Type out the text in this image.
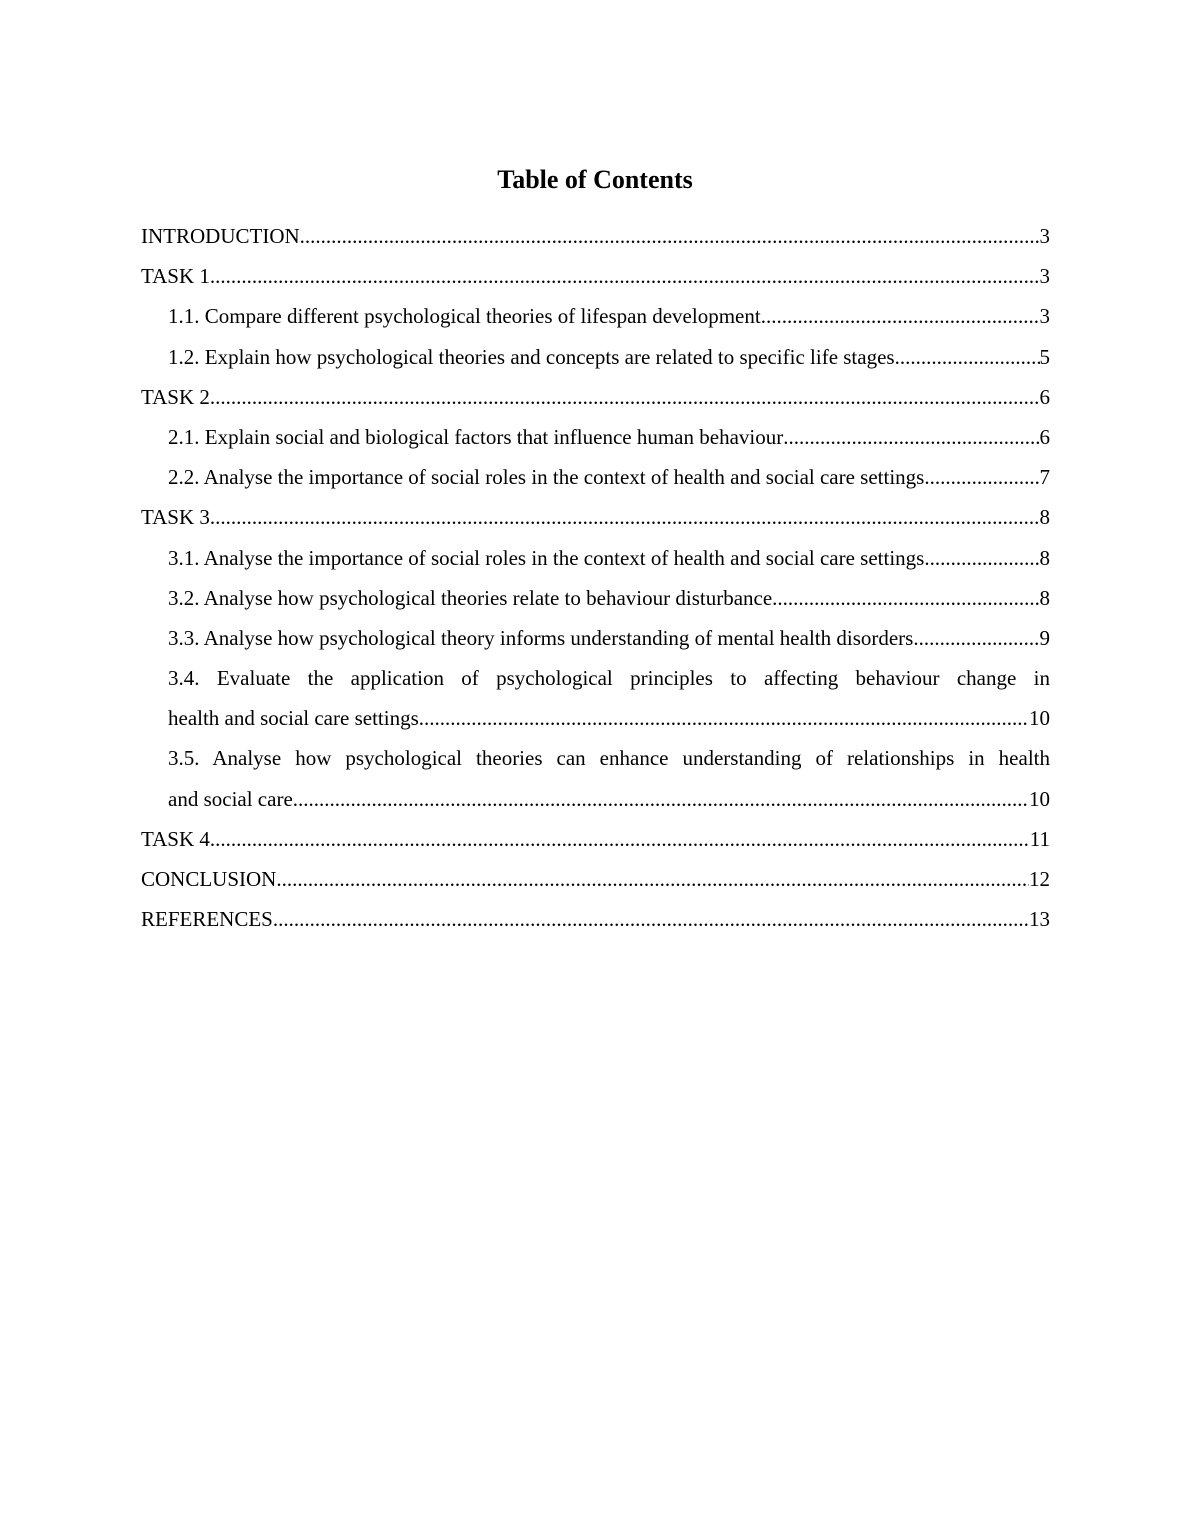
Table of Contents
INTRODUCTION .....	3
TASK 1 .....	3
1.1. Compare different psychological theories of lifespan development .....	3
1.2. Explain how psychological theories and concepts are related to specific life stages .....	5
TASK 2 .....	6
2.1. Explain social and biological factors that influence human behaviour .....	6
2.2. Analyse the importance of social roles in the context of health and social care settings .....	7
TASK 3 .....	8
3.1. Analyse the importance of social roles in the context of health and social care settings .....	8
3.2. Analyse how psychological theories relate to behaviour disturbance .....	8
3.3. Analyse how psychological theory informs understanding of mental health disorders .....	9
3.4. Evaluate the application of psychological principles to affecting behaviour change in
health and social care settings .....	10
3.5. Analyse how psychological theories can enhance understanding of relationships in health
and social care .....	10
TASK 4 .....	11
CONCLUSION .....	12
REFERENCES .....	13
